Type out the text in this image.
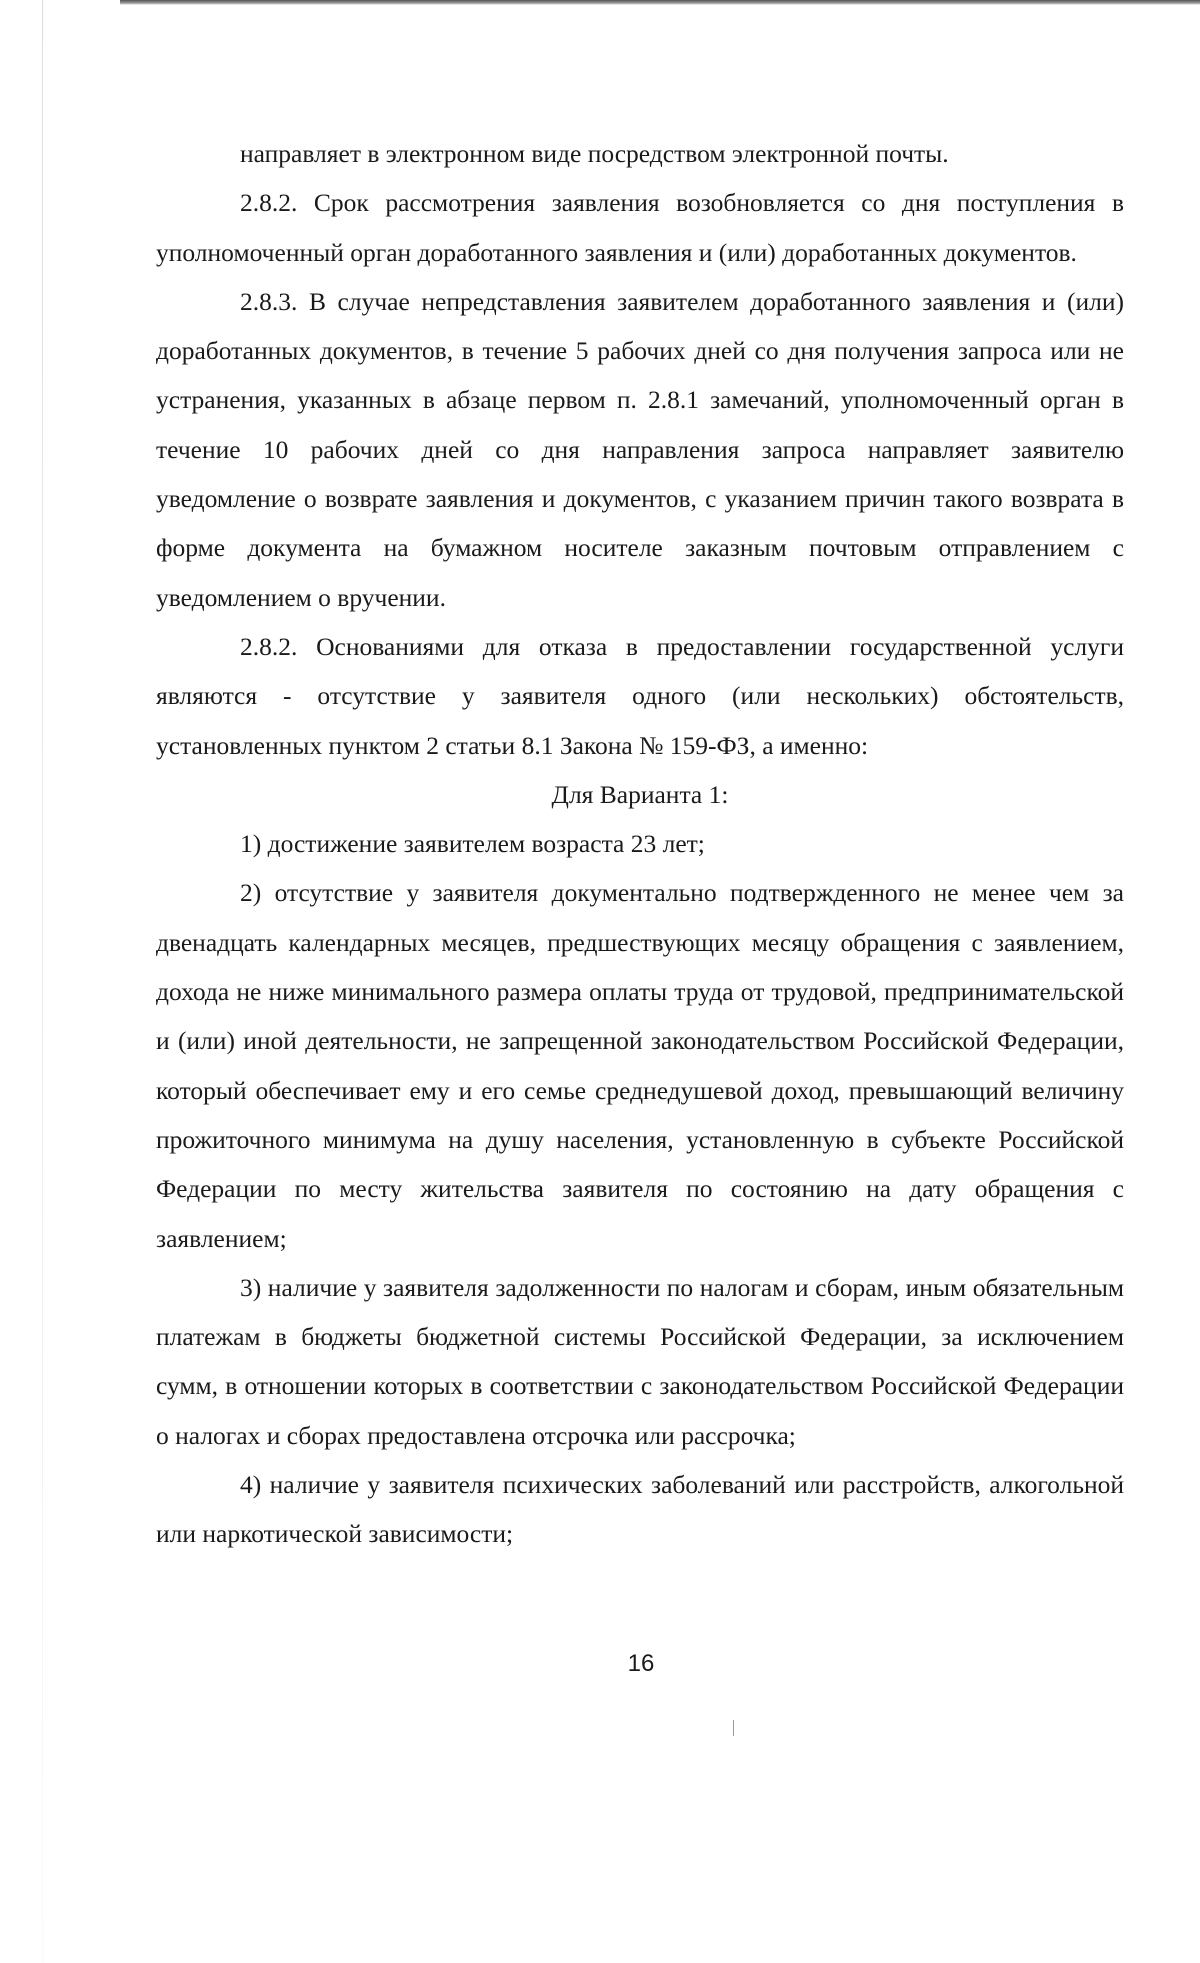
направляет в электронном виде посредством электронной почты.

2.8.2. Срок рассмотрения заявления возобновляется со дня поступления в уполномоченный орган доработанного заявления и (или) доработанных документов.

2.8.3. В случае непредставления заявителем доработанного заявления и (или) доработанных документов, в течение 5 рабочих дней со дня получения запроса или не устранения, указанных в абзаце первом п. 2.8.1 замечаний, уполномоченный орган в течение 10 рабочих дней со дня направления запроса направляет заявителю уведомление о возврате заявления и документов, с указанием причин такого возврата в форме документа на бумажном носителе заказным почтовым отправлением с уведомлением о вручении.

2.8.2. Основаниями для отказа в предоставлении государственной услуги являются - отсутствие у заявителя одного (или нескольких) обстоятельств, установленных пунктом 2 статьи 8.1 Закона № 159-ФЗ, а именно:

Для Варианта 1:

1) достижение заявителем возраста 23 лет;

2) отсутствие у заявителя документально подтвержденного не менее чем за двенадцать календарных месяцев, предшествующих месяцу обращения с заявлением, дохода не ниже минимального размера оплаты труда от трудовой, предпринимательской и (или) иной деятельности, не запрещенной законодательством Российской Федерации, который обеспечивает ему и его семье среднедушевой доход, превышающий величину прожиточного минимума на душу населения, установленную в субъекте Российской Федерации по месту жительства заявителя по состоянию на дату обращения с заявлением;

3) наличие у заявителя задолженности по налогам и сборам, иным обязательным платежам в бюджеты бюджетной системы Российской Федерации, за исключением сумм, в отношении которых в соответствии с законодательством Российской Федерации о налогах и сборах предоставлена отсрочка или рассрочка;

4) наличие у заявителя психических заболеваний или расстройств, алкогольной или наркотической зависимости;

16
